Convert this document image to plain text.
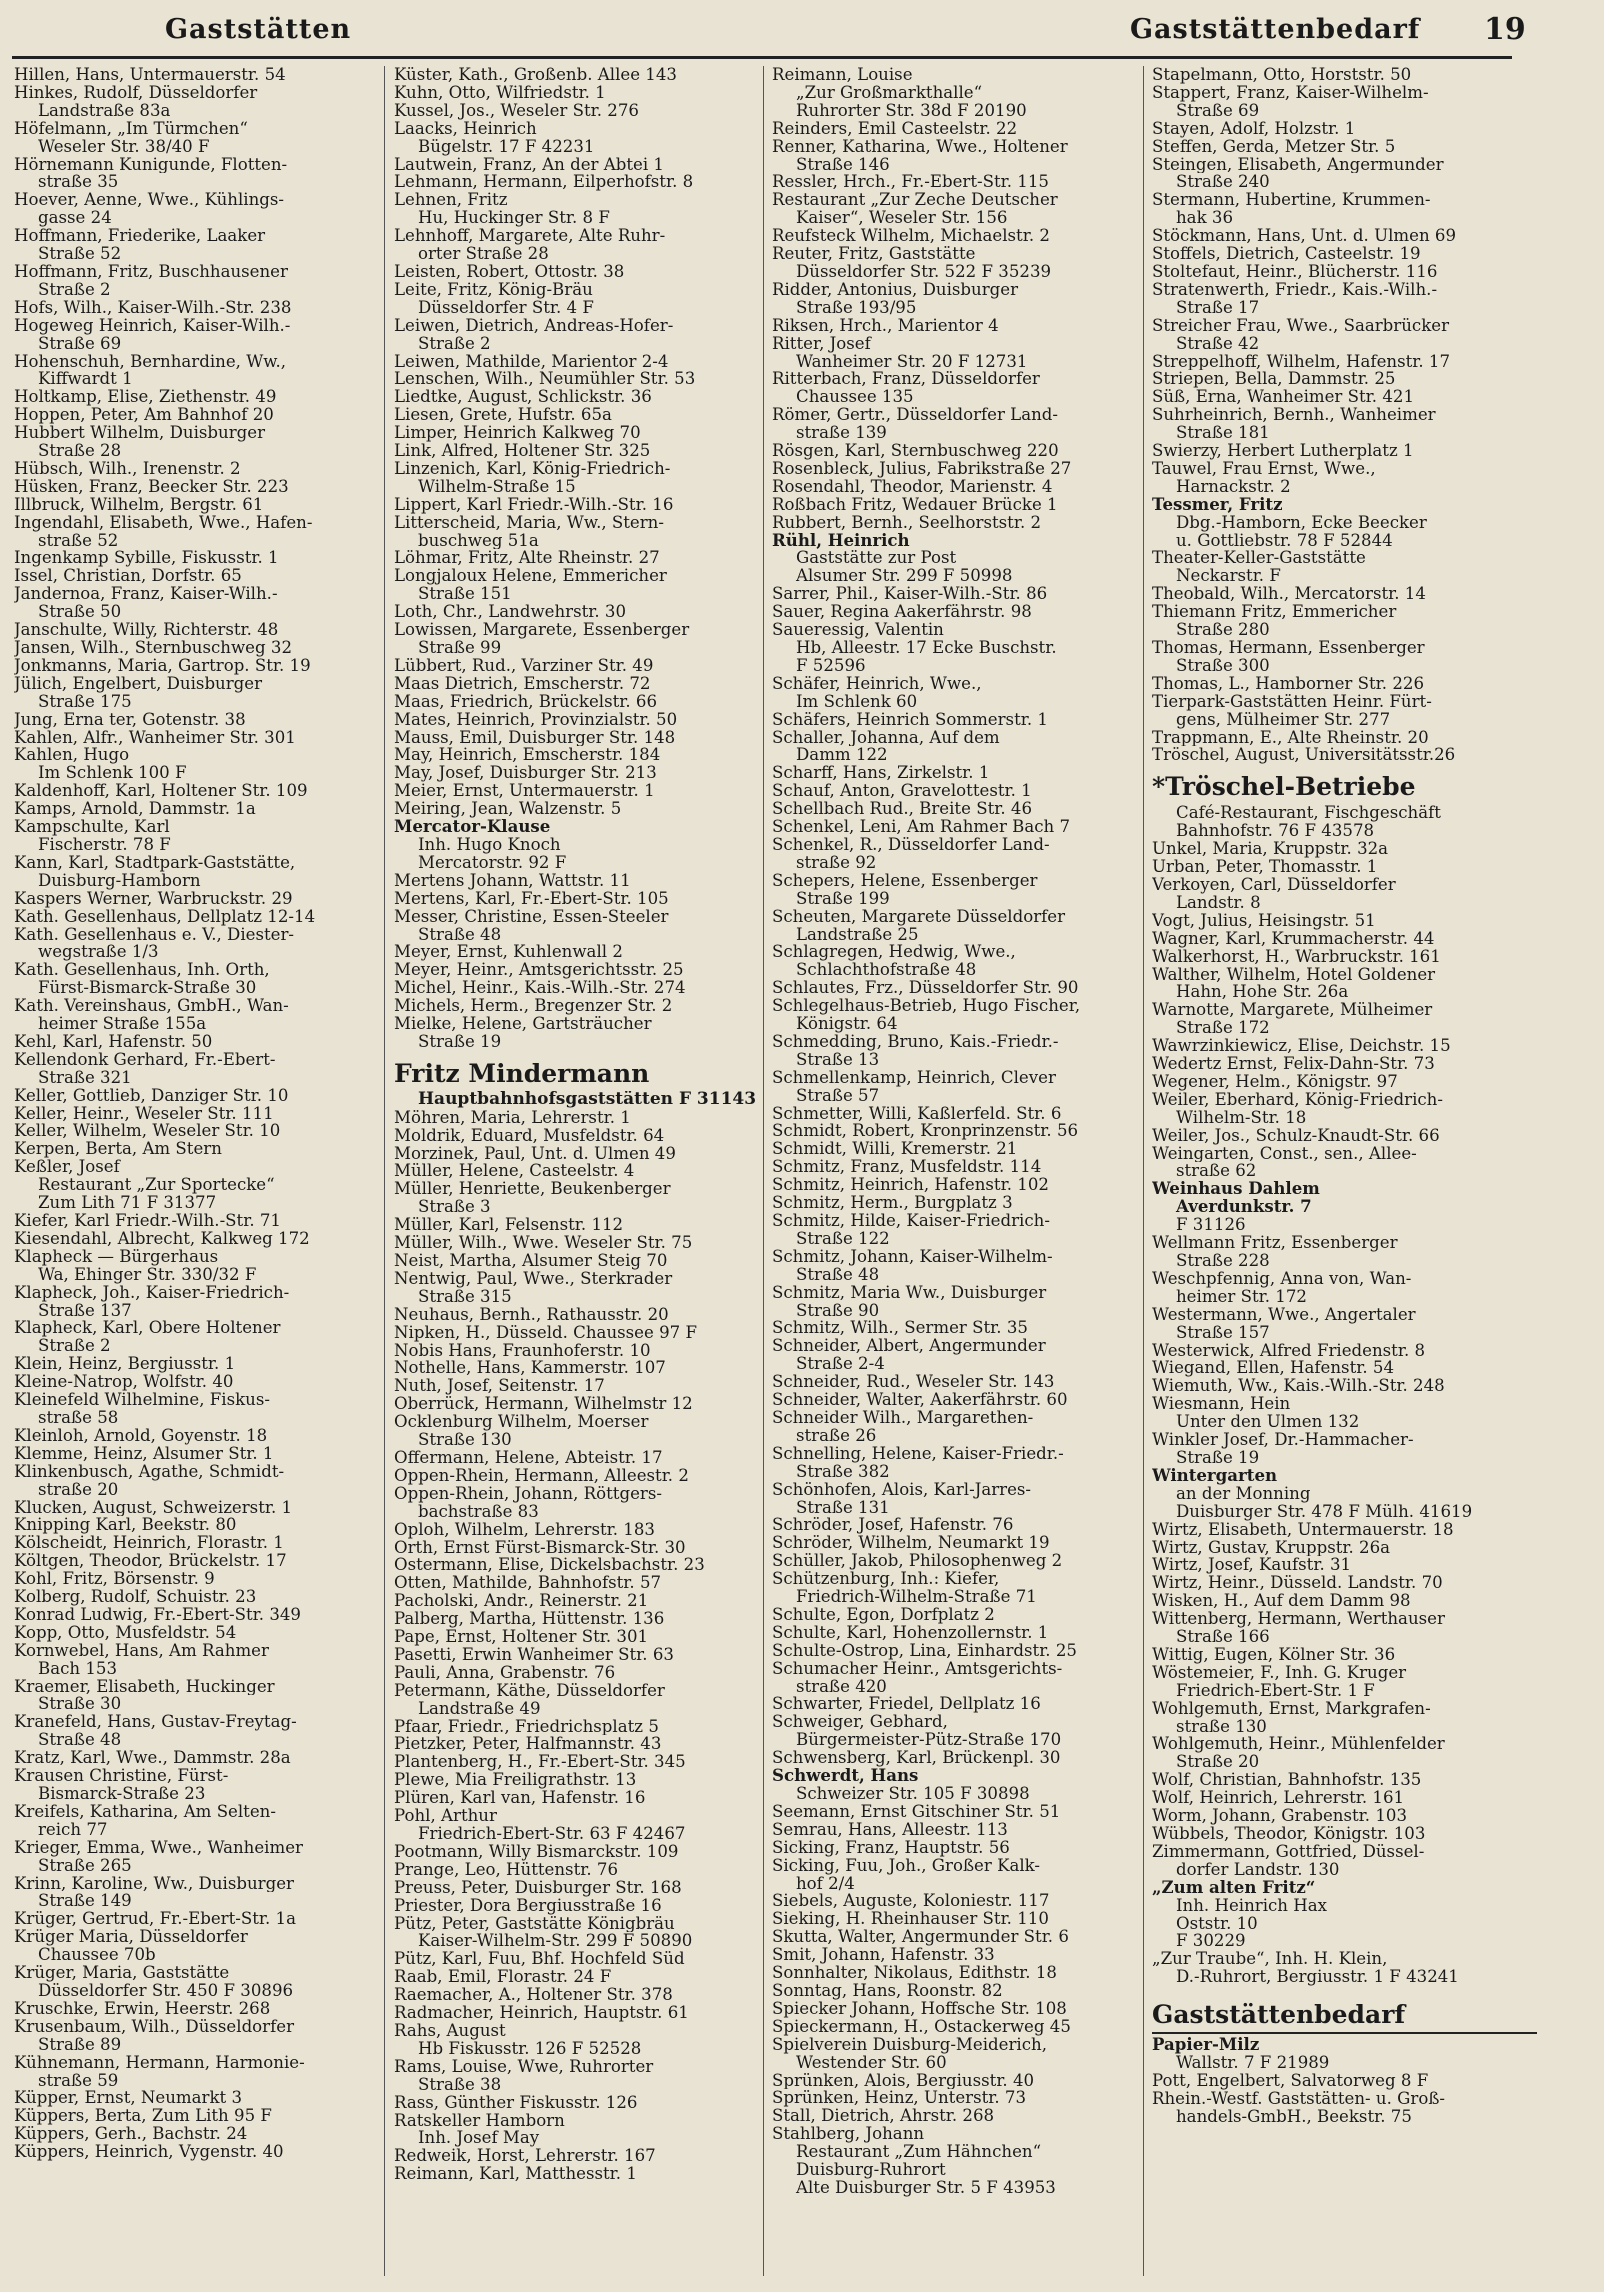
Gaststätten	Gaststättenbedarf 19
Hillen, Hans, Untermauerstr. 54
Hinkes, Rudolf, Düsseldorfer
Landstraße 83a
Höfelmann, „Im Türmchen“
Weseler Str. 38/40 F
Hörnemann Kunigunde, Flotten-
straße 35
Hoever, Aenne, Wwe., Kühlings-
gasse 24
Hoffmann, Friederike, Laaker
Straße 52
Hoffmann, Fritz, Buschhausener
Straße 2
Hofs, Wilh., Kaiser-Wilh.-Str. 238
Hogeweg Heinrich, Kaiser-Wilh.-
Straße 69
Hohenschuh, Bernhardine, Ww.,
Kiffwardt 1
Holtkamp, Elise, Ziethenstr. 49
Hoppen, Peter, Am Bahnhof 20
Hubbert Wilhelm, Duisburger
Straße 28
Hübsch, Wilh., Irenenstr. 2
Hüsken, Franz, Beecker Str. 223
Illbruck, Wilhelm, Bergstr. 61
Ingendahl, Elisabeth, Wwe., Hafen-
straße 52
Ingenkamp Sybille, Fiskusstr. 1
Issel, Christian, Dorfstr. 65
Jandernoa, Franz, Kaiser-Wilh.-
Straße 50
Janschulte, Willy, Richterstr. 48
Jansen, Wilh., Sternbuschweg 32
Jonkmanns, Maria, Gartrop. Str. 19
Jülich, Engelbert, Duisburger
Straße 175
Jung, Erna ter, Gotenstr. 38
Kahlen, Alfr., Wanheimer Str. 301
Kahlen, Hugo
Im Schlenk 100 F
Kaldenhoff, Karl, Holtener Str. 109
Kamps, Arnold, Dammstr. 1a
Kampschulte, Karl
Fischerstr. 78 F
Kann, Karl, Stadtpark-Gaststätte,
Duisburg-Hamborn
Kaspers Werner, Warbruckstr. 29
Kath. Gesellenhaus, Dellplatz 12-14
Kath. Gesellenhaus e. V., Diester-
wegstraße 1/3
Kath. Gesellenhaus, Inh. Orth,
Fürst-Bismarck-Straße 30
Kath. Vereinshaus, GmbH., Wan-
heimer Straße 155a
Kehl, Karl, Hafenstr. 50
Kellendonk Gerhard, Fr.-Ebert-
Straße 321
Keller, Gottlieb, Danziger Str. 10
Keller, Heinr., Weseler Str. 111
Keller, Wilhelm, Weseler Str. 10
Kerpen, Berta, Am Stern
Keßler, Josef
Restaurant „Zur Sportecke“
Zum Lith 71 F 31377
Kiefer, Karl Friedr.-Wilh.-Str. 71
Kiesendahl, Albrecht, Kalkweg 172
Klapheck — Bürgerhaus
Wa, Ehinger Str. 330/32 F
Klapheck, Joh., Kaiser-Friedrich-
Straße 137
Klapheck, Karl, Obere Holtener
Straße 2
Klein, Heinz, Bergiusstr. 1
Kleine-Natrop, Wolfstr. 40
Kleinefeld Wilhelmine, Fiskus-
straße 58
Kleinloh, Arnold, Goyenstr. 18
Klemme, Heinz, Alsumer Str. 1
Klinkenbusch, Agathe, Schmidt-
straße 20
Klucken, August, Schweizerstr. 1
Knipping Karl, Beekstr. 80
Kölscheidt, Heinrich, Florastr. 1
Költgen, Theodor, Brückelstr. 17
Kohl, Fritz, Börsenstr. 9
Kolberg, Rudolf, Schuistr. 23
Konrad Ludwig, Fr.-Ebert-Str. 349
Kopp, Otto, Musfeldstr. 54
Kornwebel, Hans, Am Rahmer
Bach 153
Kraemer, Elisabeth, Huckinger
Straße 30
Kranefeld, Hans, Gustav-Freytag-
Straße 48
Kratz, Karl, Wwe., Dammstr. 28a
Krausen Christine, Fürst-
Bismarck-Straße 23
Kreifels, Katharina, Am Selten-
reich 77
Krieger, Emma, Wwe., Wanheimer
Straße 265
Krinn, Karoline, Ww., Duisburger
Straße 149
Krüger, Gertrud, Fr.-Ebert-Str. 1a
Krüger Maria, Düsseldorfer
Chaussee 70b
Krüger, Maria, Gaststätte
Düsseldorfer Str. 450 F 30896
Kruschke, Erwin, Heerstr. 268
Krusenbaum, Wilh., Düsseldorfer
Straße 89
Kühnemann, Hermann, Harmonie-
straße 59
Küpper, Ernst, Neumarkt 3
Küppers, Berta, Zum Lith 95 F
Küppers, Gerh., Bachstr. 24
Küppers, Heinrich, Vygenstr. 40
Küster, Kath., Großenb. Allee 143
Kuhn, Otto, Wilfriedstr. 1
Kussel, Jos., Weseler Str. 276
Laacks, Heinrich
Bügelstr. 17 F 42231
Lautwein, Franz, An der Abtei 1
Lehmann, Hermann, Eilperhofstr. 8
Lehnen, Fritz
Hu, Huckinger Str. 8 F
Lehnhoff, Margarete, Alte Ruhr-
orter Straße 28
Leisten, Robert, Ottostr. 38
Leite, Fritz, König-Bräu
Düsseldorfer Str. 4 F
Leiwen, Dietrich, Andreas-Hofer-
Straße 2
Leiwen, Mathilde, Marientor 2-4
Lenschen, Wilh., Neumühler Str. 53
Liedtke, August, Schlickstr. 36
Liesen, Grete, Hufstr. 65a
Limper, Heinrich Kalkweg 70
Link, Alfred, Holtener Str. 325
Linzenich, Karl, König-Friedrich-
Wilhelm-Straße 15
Lippert, Karl Friedr.-Wilh.-Str. 16
Litterscheid, Maria, Ww., Stern-
buschweg 51a
Löhmar, Fritz, Alte Rheinstr. 27
Longjaloux Helene, Emmericher
Straße 151
Loth, Chr., Landwehrstr. 30
Lowissen, Margarete, Essenberger
Straße 99
Lübbert, Rud., Varziner Str. 49
Maas Dietrich, Emscherstr. 72
Maas, Friedrich, Brückelstr. 66
Mates, Heinrich, Provinzialstr. 50
Mauss, Emil, Duisburger Str. 148
May, Heinrich, Emscherstr. 184
May, Josef, Duisburger Str. 213
Meier, Ernst, Untermauerstr. 1
Meiring, Jean, Walzenstr. 5
Mercator-Klause
Inh. Hugo Knoch
Mercatorstr. 92 F
Mertens Johann, Wattstr. 11
Mertens, Karl, Fr.-Ebert-Str. 105
Messer, Christine, Essen-Steeler
Straße 48
Meyer, Ernst, Kuhlenwall 2
Meyer, Heinr., Amtsgerichtsstr. 25
Michel, Heinr., Kais.-Wilh.-Str. 274
Michels, Herm., Bregenzer Str. 2
Mielke, Helene, Gartsträucher
Straße 19
Fritz Mindermann
Hauptbahnhofsgaststätten F 31143
Möhren, Maria, Lehrerstr. 1
Moldrik, Eduard, Musfeldstr. 64
Morzinek, Paul, Unt. d. Ulmen 49
Müller, Helene, Casteelstr. 4
Müller, Henriette, Beukenberger
Straße 3
Müller, Karl, Felsenstr. 112
Müller, Wilh., Wwe. Weseler Str. 75
Neist, Martha, Alsumer Steig 70
Nentwig, Paul, Wwe., Sterkrader
Straße 315
Neuhaus, Bernh., Rathausstr. 20
Nipken, H., Düsseld. Chaussee 97 F
Nobis Hans, Fraunhoferstr. 10
Nothelle, Hans, Kammerstr. 107
Nuth, Josef, Seitenstr. 17
Oberrück, Hermann, Wilhelmstr 12
Ocklenburg Wilhelm, Moerser
Straße 130
Offermann, Helene, Abteistr. 17
Oppen-Rhein, Hermann, Alleestr. 2
Oppen-Rhein, Johann, Röttgers-
bachstraße 83
Oploh, Wilhelm, Lehrerstr. 183
Orth, Ernst Fürst-Bismarck-Str. 30
Ostermann, Elise, Dickelsbachstr. 23
Otten, Mathilde, Bahnhofstr. 57
Pacholski, Andr., Reinerstr. 21
Palberg, Martha, Hüttenstr. 136
Pape, Ernst, Holtener Str. 301
Pasetti, Erwin Wanheimer Str. 63
Pauli, Anna, Grabenstr. 76
Petermann, Käthe, Düsseldorfer
Landstraße 49
Pfaar, Friedr., Friedrichsplatz 5
Pietzker, Peter, Halfmannstr. 43
Plantenberg, H., Fr.-Ebert-Str. 345
Plewe, Mia Freiligrathstr. 13
Plüren, Karl van, Hafenstr. 16
Pohl, Arthur
Friedrich-Ebert-Str. 63 F 42467
Pootmann, Willy Bismarckstr. 109
Prange, Leo, Hüttenstr. 76
Preuss, Peter, Duisburger Str. 168
Priester, Dora Bergiusstraße 16
Pütz, Peter, Gaststätte Königbräu
Kaiser-Wilhelm-Str. 299 F 50890
Pütz, Karl, Fuu, Bhf. Hochfeld Süd
Raab, Emil, Florastr. 24 F
Raemacher, A., Holtener Str. 378
Radmacher, Heinrich, Hauptstr. 61
Rahs, August
Hb Fiskusstr. 126 F 52528
Rams, Louise, Wwe, Ruhrorter
Straße 38
Rass, Günther Fiskusstr. 126
Ratskeller Hamborn
Inh. Josef May
Redweik, Horst, Lehrerstr. 167
Reimann, Karl, Matthesstr. 1
Reimann, Louise
„Zur Großmarkthalle“
Ruhrorter Str. 38d F 20190
Reinders, Emil Casteelstr. 22
Renner, Katharina, Wwe., Holtener
Straße 146
Ressler, Hrch., Fr.-Ebert-Str. 115
Restaurant „Zur Zeche Deutscher
Kaiser“, Weseler Str. 156
Reufsteck Wilhelm, Michaelstr. 2
Reuter, Fritz, Gaststätte
Düsseldorfer Str. 522 F 35239
Ridder, Antonius, Duisburger
Straße 193/95
Riksen, Hrch., Marientor 4
Ritter, Josef
Wanheimer Str. 20 F 12731
Ritterbach, Franz, Düsseldorfer
Chaussee 135
Römer, Gertr., Düsseldorfer Land-
straße 139
Rösgen, Karl, Sternbuschweg 220
Rosenbleck, Julius, Fabrikstraße 27
Rosendahl, Theodor, Marienstr. 4
Roßbach Fritz, Wedauer Brücke 1
Rubbert, Bernh., Seelhorststr. 2
Rühl, Heinrich
Gaststätte zur Post
Alsumer Str. 299 F 50998
Sarrer, Phil., Kaiser-Wilh.-Str. 86
Sauer, Regina Aakerfährstr. 98
Saueressig, Valentin
Hb, Alleestr. 17 Ecke Buschstr.
F 52596
Schäfer, Heinrich, Wwe.,
Im Schlenk 60
Schäfers, Heinrich Sommerstr. 1
Schaller, Johanna, Auf dem
Damm 122
Scharff, Hans, Zirkelstr. 1
Schauf, Anton, Gravelottestr. 1
Schellbach Rud., Breite Str. 46
Schenkel, Leni, Am Rahmer Bach 7
Schenkel, R., Düsseldorfer Land-
straße 92
Schepers, Helene, Essenberger
Straße 199
Scheuten, Margarete Düsseldorfer
Landstraße 25
Schlagregen, Hedwig, Wwe.,
Schlachthofstraße 48
Schlautes, Frz., Düsseldorfer Str. 90
Schlegelhaus-Betrieb, Hugo Fischer,
Königstr. 64
Schmedding, Bruno, Kais.-Friedr.-
Straße 13
Schmellenkamp, Heinrich, Clever
Straße 57
Schmetter, Willi, Kaßlerfeld. Str. 6
Schmidt, Robert, Kronprinzenstr. 56
Schmidt, Willi, Kremerstr. 21
Schmitz, Franz, Musfeldstr. 114
Schmitz, Heinrich, Hafenstr. 102
Schmitz, Herm., Burgplatz 3
Schmitz, Hilde, Kaiser-Friedrich-
Straße 122
Schmitz, Johann, Kaiser-Wilhelm-
Straße 48
Schmitz, Maria Ww., Duisburger
Straße 90
Schmitz, Wilh., Sermer Str. 35
Schneider, Albert, Angermunder
Straße 2-4
Schneider, Rud., Weseler Str. 143
Schneider, Walter, Aakerfährstr. 60
Schneider Wilh., Margarethen-
straße 26
Schnelling, Helene, Kaiser-Friedr.-
Straße 382
Schönhofen, Alois, Karl-Jarres-
Straße 131
Schröder, Josef, Hafenstr. 76
Schröder, Wilhelm, Neumarkt 19
Schüller, Jakob, Philosophenweg 2
Schützenburg, Inh.: Kiefer,
Friedrich-Wilhelm-Straße 71
Schulte, Egon, Dorfplatz 2
Schulte, Karl, Hohenzollernstr. 1
Schulte-Ostrop, Lina, Einhardstr. 25
Schumacher Heinr., Amtsgerichts-
straße 420
Schwarter, Friedel, Dellplatz 16
Schweiger, Gebhard,
Bürgermeister-Pütz-Straße 170
Schwensberg, Karl, Brückenpl. 30
Schwerdt, Hans
Schweizer Str. 105 F 30898
Seemann, Ernst Gitschiner Str. 51
Semrau, Hans, Alleestr. 113
Sicking, Franz, Hauptstr. 56
Sicking, Fuu, Joh., Großer Kalk-
hof 2/4
Siebels, Auguste, Koloniestr. 117
Sieking, H. Rheinhauser Str. 110
Skutta, Walter, Angermunder Str. 6
Smit, Johann, Hafenstr. 33
Sonnhalter, Nikolaus, Edithstr. 18
Sonntag, Hans, Roonstr. 82
Spiecker Johann, Hoffsche Str. 108
Spieckermann, H., Ostackerweg 45
Spielverein Duisburg-Meiderich,
Westender Str. 60
Sprünken, Alois, Bergiusstr. 40
Sprünken, Heinz, Unterstr. 73
Stall, Dietrich, Ahrstr. 268
Stahlberg, Johann
Restaurant „Zum Hähnchen“
Duisburg-Ruhrort
Alte Duisburger Str. 5 F 43953
Stapelmann, Otto, Horststr. 50
Stappert, Franz, Kaiser-Wilhelm-
Straße 69
Stayen, Adolf, Holzstr. 1
Steffen, Gerda, Metzer Str. 5
Steingen, Elisabeth, Angermunder
Straße 240
Stermann, Hubertine, Krummen-
hak 36
Stöckmann, Hans, Unt. d. Ulmen 69
Stoffels, Dietrich, Casteelstr. 19
Stoltefaut, Heinr., Blücherstr. 116
Stratenwerth, Friedr., Kais.-Wilh.-
Straße 17
Streicher Frau, Wwe., Saarbrücker
Straße 42
Streppelhoff, Wilhelm, Hafenstr. 17
Striepen, Bella, Dammstr. 25
Süß, Erna, Wanheimer Str. 421
Suhrheinrich, Bernh., Wanheimer
Straße 181
Swierzy, Herbert Lutherplatz 1
Tauwel, Frau Ernst, Wwe.,
Harnackstr. 2
Tessmer, Fritz
Dbg.-Hamborn, Ecke Beecker
u. Gottliebstr. 78 F 52844
Theater-Keller-Gaststätte
Neckarstr. F
Theobald, Wilh., Mercatorstr. 14
Thiemann Fritz, Emmericher
Straße 280
Thomas, Hermann, Essenberger
Straße 300
Thomas, L., Hamborner Str. 226
Tierpark-Gaststätten Heinr. Fürt-
gens, Mülheimer Str. 277
Trappmann, E., Alte Rheinstr. 20
Tröschel, August, Universitätsstr.26
*Tröschel-Betriebe
Café-Restaurant, Fischgeschäft
Bahnhofstr. 76 F 43578
Unkel, Maria, Kruppstr. 32a
Urban, Peter, Thomasstr. 1
Verkoyen, Carl, Düsseldorfer
Landstr. 8
Vogt, Julius, Heisingstr. 51
Wagner, Karl, Krummacherstr. 44
Walkerhorst, H., Warbruckstr. 161
Walther, Wilhelm, Hotel Goldener
Hahn, Hohe Str. 26a
Warnotte, Margarete, Mülheimer
Straße 172
Wawrzinkiewicz, Elise, Deichstr. 15
Wedertz Ernst, Felix-Dahn-Str. 73
Wegener, Helm., Königstr. 97
Weiler, Eberhard, König-Friedrich-
Wilhelm-Str. 18
Weiler, Jos., Schulz-Knaudt-Str. 66
Weingarten, Const., sen., Allee-
straße 62
Weinhaus Dahlem
Averdunkstr. 7
F 31126
Wellmann Fritz, Essenberger
Straße 228
Weschpfennig, Anna von, Wan-
heimer Str. 172
Westermann, Wwe., Angertaler
Straße 157
Westerwick, Alfred Friedenstr. 8
Wiegand, Ellen, Hafenstr. 54
Wiemuth, Ww., Kais.-Wilh.-Str. 248
Wiesmann, Hein
Unter den Ulmen 132
Winkler Josef, Dr.-Hammacher-
Straße 19
Wintergarten
an der Monning
Duisburger Str. 478 F Mülh. 41619
Wirtz, Elisabeth, Untermauerstr. 18
Wirtz, Gustav, Kruppstr. 26a
Wirtz, Josef, Kaufstr. 31
Wirtz, Heinr., Düsseld. Landstr. 70
Wisken, H., Auf dem Damm 98
Wittenberg, Hermann, Werthauser
Straße 166
Wittig, Eugen, Kölner Str. 36
Wöstemeier, F., Inh. G. Kruger
Friedrich-Ebert-Str. 1 F
Wohlgemuth, Ernst, Markgrafen-
straße 130
Wohlgemuth, Heinr., Mühlenfelder
Straße 20
Wolf, Christian, Bahnhofstr. 135
Wolf, Heinrich, Lehrerstr. 161
Worm, Johann, Grabenstr. 103
Wübbels, Theodor, Königstr. 103
Zimmermann, Gottfried, Düssel-
dorfer Landstr. 130
„Zum alten Fritz“
Inh. Heinrich Hax
Oststr. 10
F 30229
„Zur Traube“, Inh. H. Klein,
D.-Ruhrort, Bergiusstr. 1 F 43241
Gaststättenbedarf
Papier-Milz
Wallstr. 7 F 21989
Pott, Engelbert, Salvatorweg 8 F
Rhein.-Westf. Gaststätten- u. Groß-
handels-GmbH., Beekstr. 75
